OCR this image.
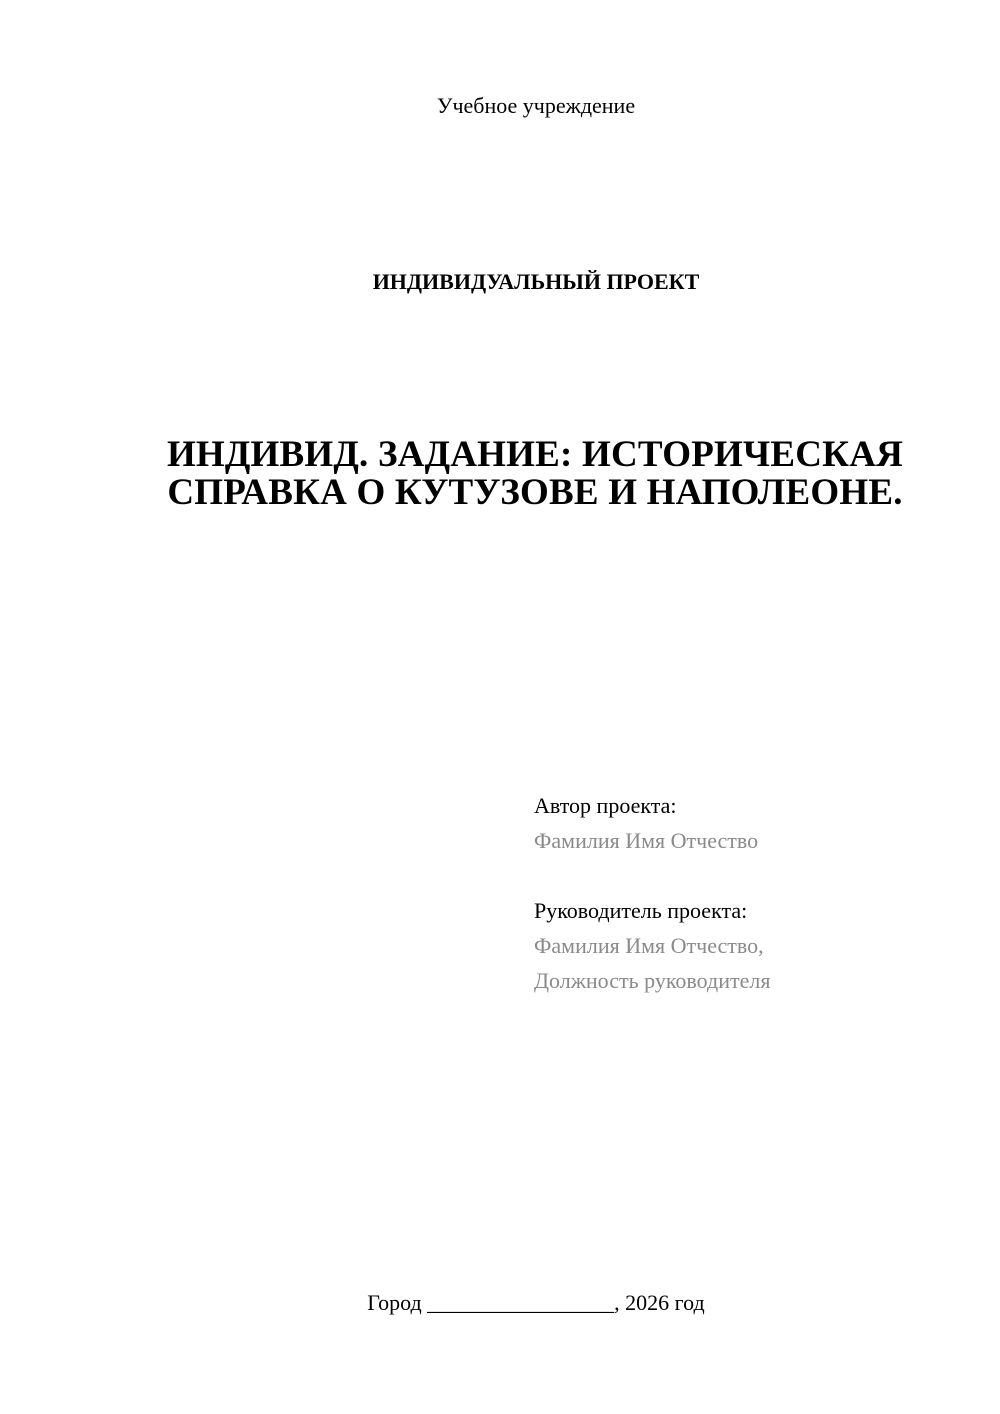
Учебное учреждение
ИНДИВИДУАЛЬНЫЙ ПРОЕКТ
ИНДИВИД. ЗАДАНИЕ: ИСТОРИЧЕСКАЯ
СПРАВКА О КУТУЗОВЕ И НАПОЛЕОНЕ.
Автор проекта:
Фамилия Имя Отчество
Руководитель проекта:
Фамилия Имя Отчество,
Должность руководителя
Город _________________, 2026 год
